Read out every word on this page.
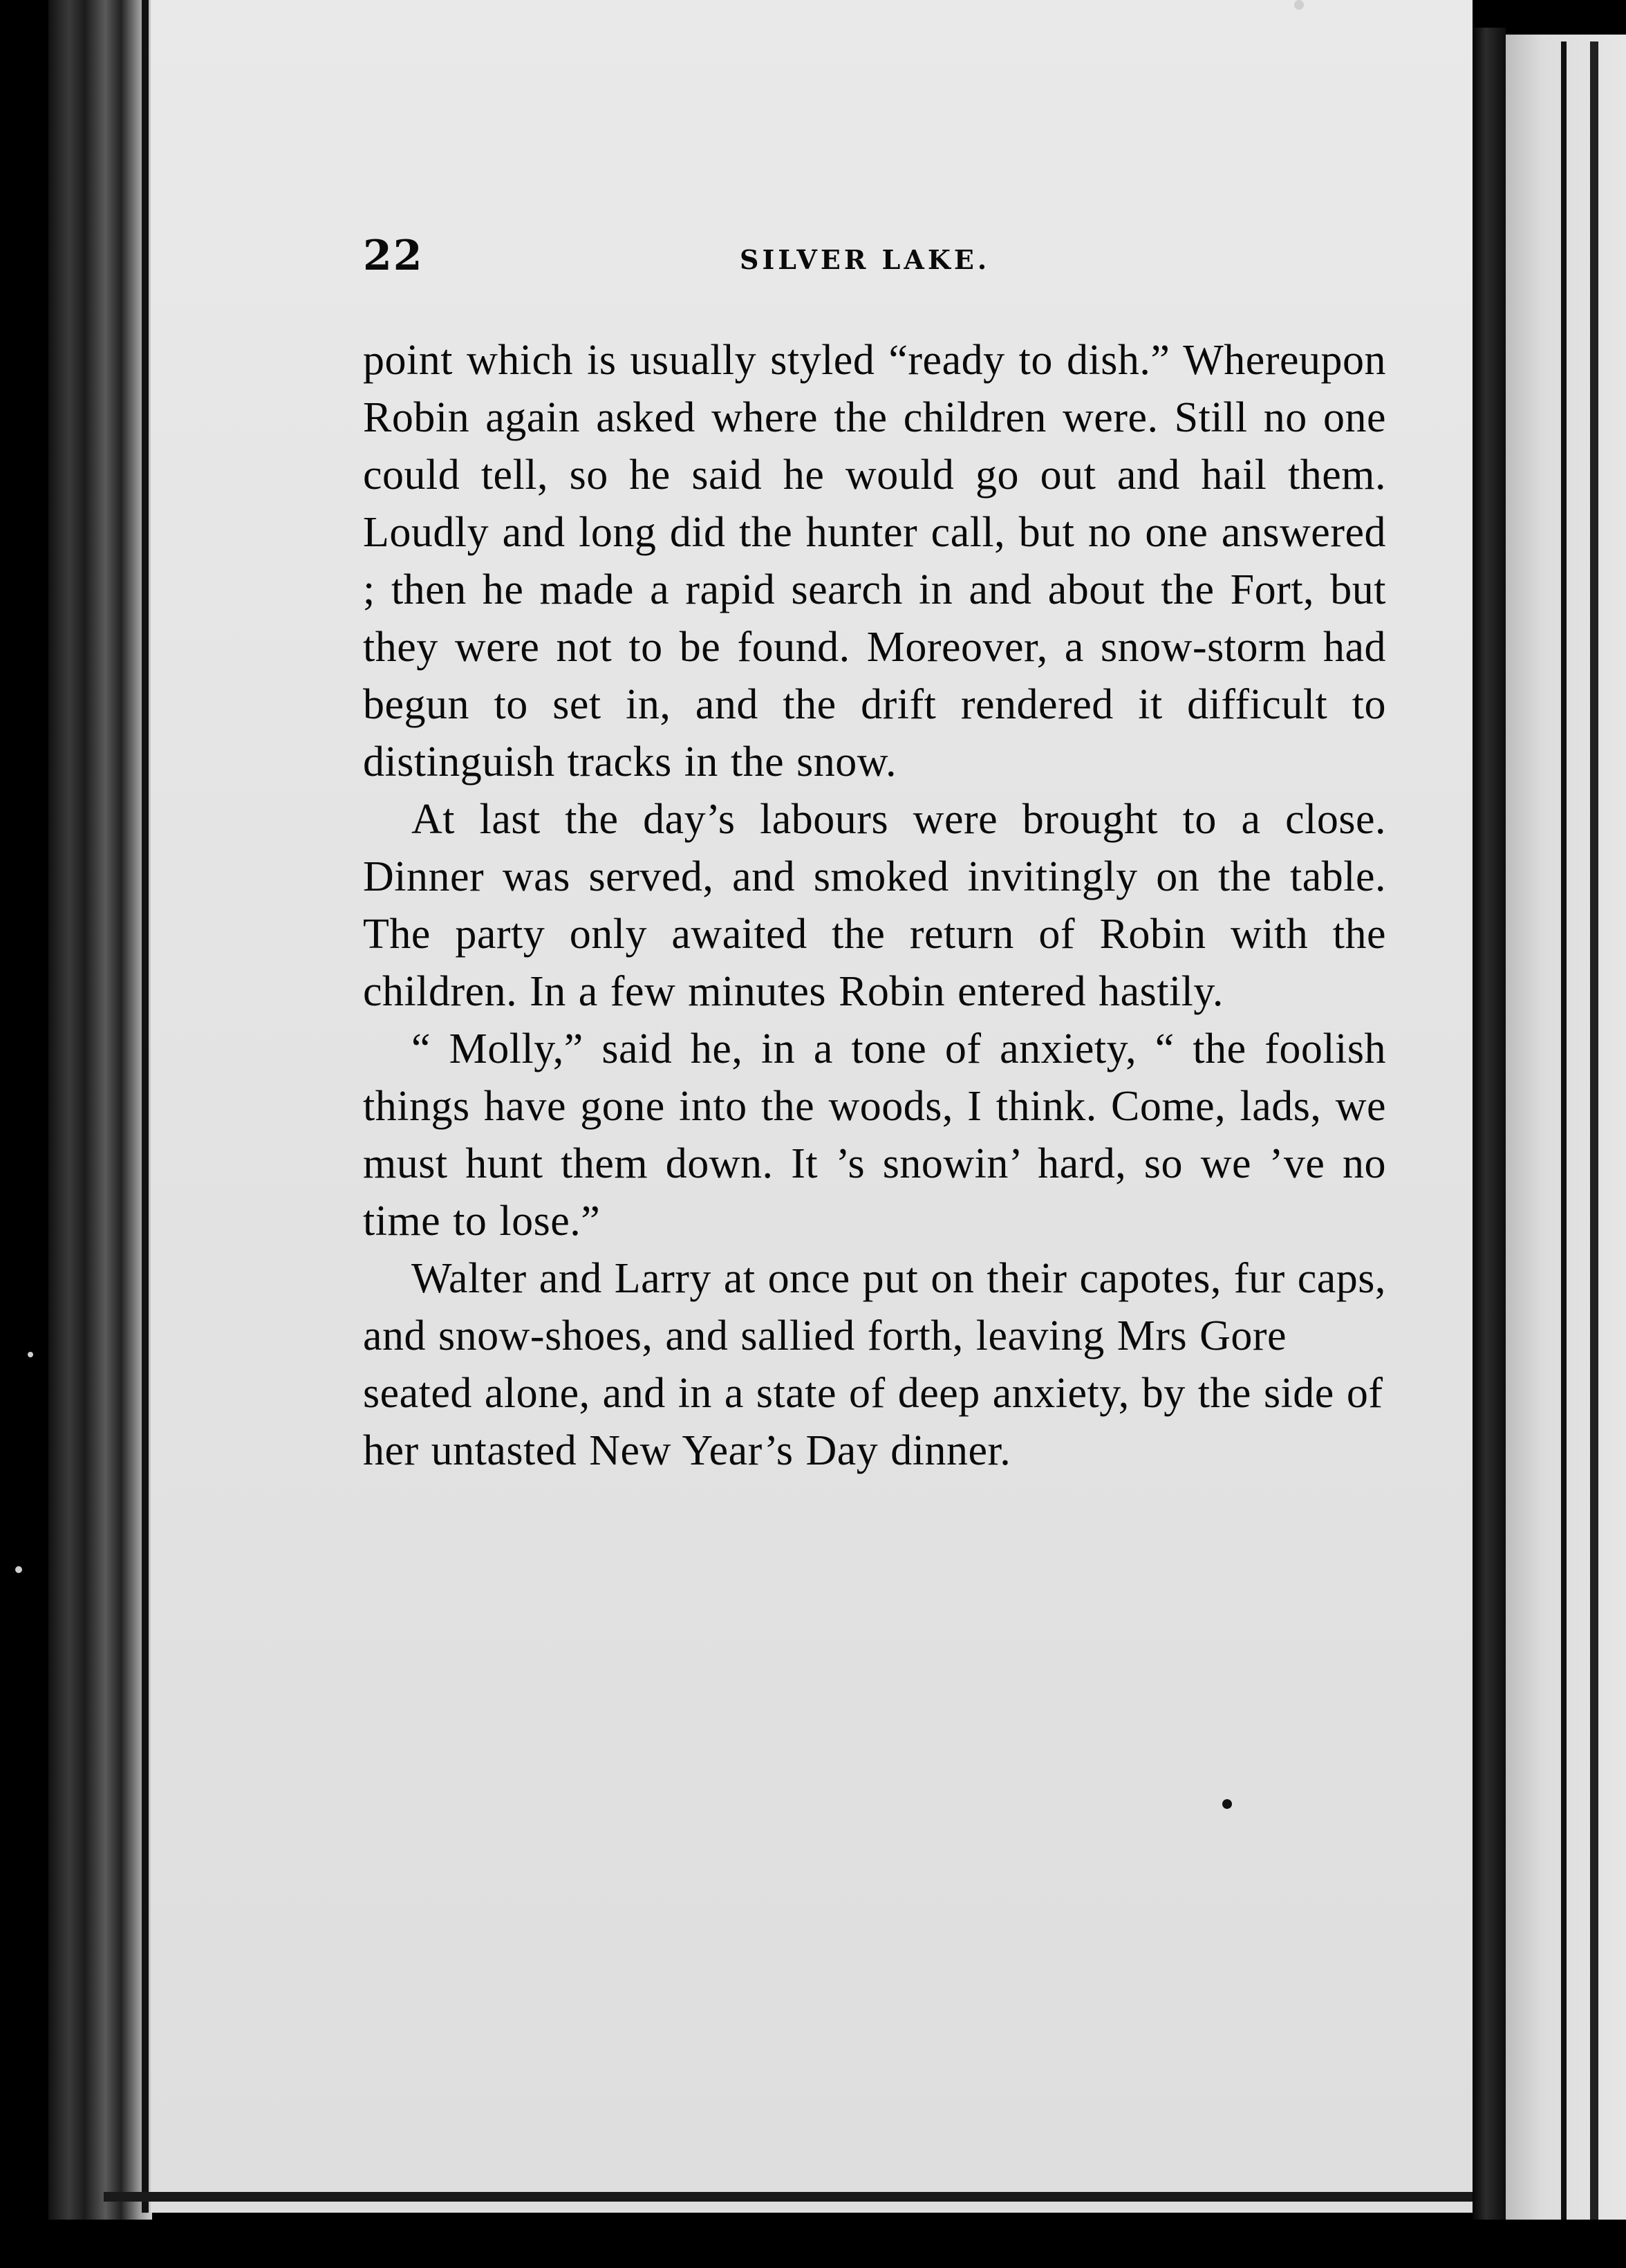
22	SILVER LAKE.

point which is usually styled “ready to dish.” Whereupon Robin again asked where the children were. Still no one could tell, so he said he would go out and hail them. Loudly and long did the hunter call, but no one answered ; then he made a rapid search in and about the Fort, but they were not to be found. Moreover, a snow-storm had begun to set in, and the drift rendered it difficult to distinguish tracks in the snow.

At last the day’s labours were brought to a close. Dinner was served, and smoked invitingly on the table. The party only awaited the return of Robin with the children. In a few minutes Robin entered hastily.

“ Molly,” said he, in a tone of anxiety, “ the foolish things have gone into the woods, I think. Come, lads, we must hunt them down. It ’s snowin’ hard, so we ’ve no time to lose.”

Walter and Larry at once put on their capotes, fur caps, and snow-shoes, and sallied forth, leaving Mrs Gore seated alone, and in a state of deep anxiety, by the side of her untasted New Year’s Day dinner.
